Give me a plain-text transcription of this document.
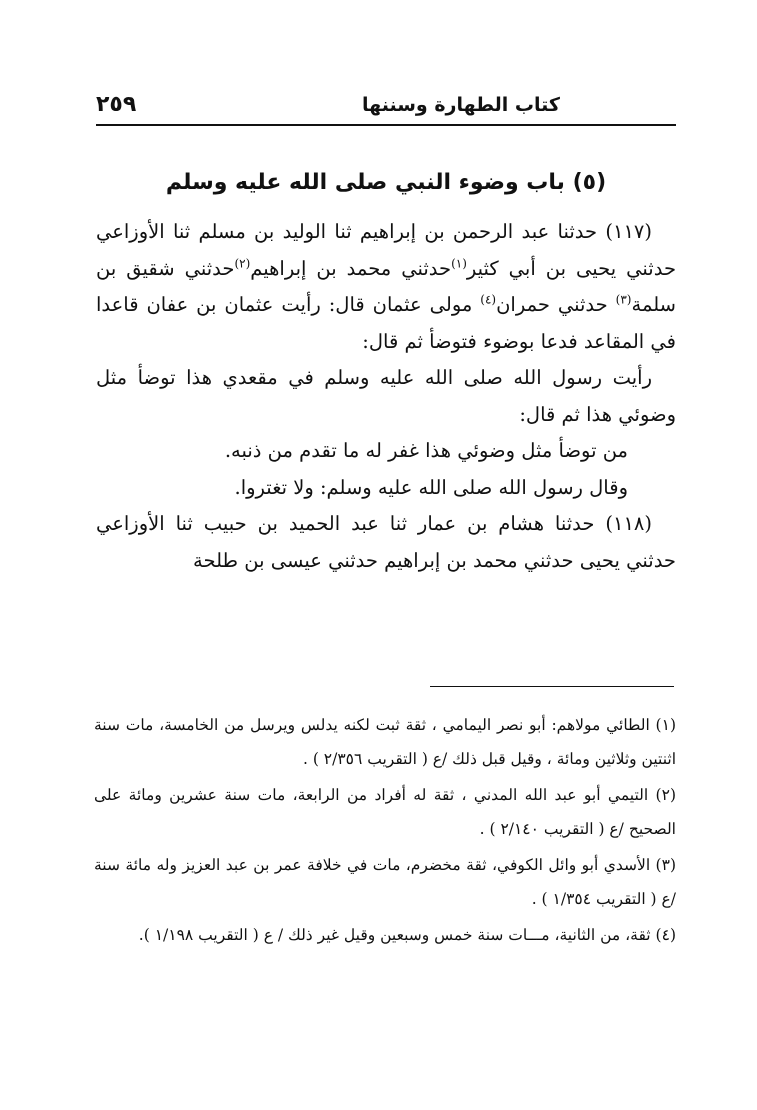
٢٥٩	كتاب الطهارة وسننها
(٥) باب وضوء النبي صلى الله عليه وسلم

(١١٧) حدثنا عبد الرحمن بن إبراهيم ثنا الوليد بن مسلم ثنا الأوزاعي حدثني يحيى بن أبي كثير$^{(١)}$حدثني محمد بن إبراهيم$^{(٢)}$حدثني شقيق بن سلمة$^{(٣)}$ حدثني حمران$^{(٤)}$ مولى عثمان قال: رأيت عثمان بن عفان قاعدا في المقاعد فدعا بوضوء فتوضأ ثم قال:

رأيت رسول الله صلى الله عليه وسلم في مقعدي هذا توضأ مثل وضوئي هذا ثم قال:

من توضأ مثل وضوئي هذا غفر له ما تقدم من ذنبه.

وقال رسول الله صلى الله عليه وسلم: ولا تغتروا.

(١١٨) حدثنا هشام بن عمار ثنا عبد الحميد بن حبيب ثنا الأوزاعي حدثني يحيى حدثني محمد بن إبراهيم حدثني عيسى بن طلحة

(١) الطائي مولاهم: أبو نصر اليمامي ، ثقة ثبت لكنه يدلس ويرسل من الخامسة، مات سنة اثنتين وثلاثين ومائة ، وقيل قبل ذلك /ع ( التقريب ٢/٣٥٦ ) .

(٢) التيمي أبو عبد الله المدني ، ثقة له أفراد من الرابعة، مات سنة عشرين ومائة على الصحيح /ع ( التقريب ٢/١٤٠ ) .

(٣) الأسدي أبو وائل الكوفي، ثقة مخضرم، مات في خلافة عمر بن عبد العزيز وله مائة سنة /ع ( التقريب ١/٣٥٤ ) .

(٤) ثقة، من الثانية، مـــات سنة خمس وسبعين وقيل غير ذلك / ع ( التقريب ١/١٩٨ ).
